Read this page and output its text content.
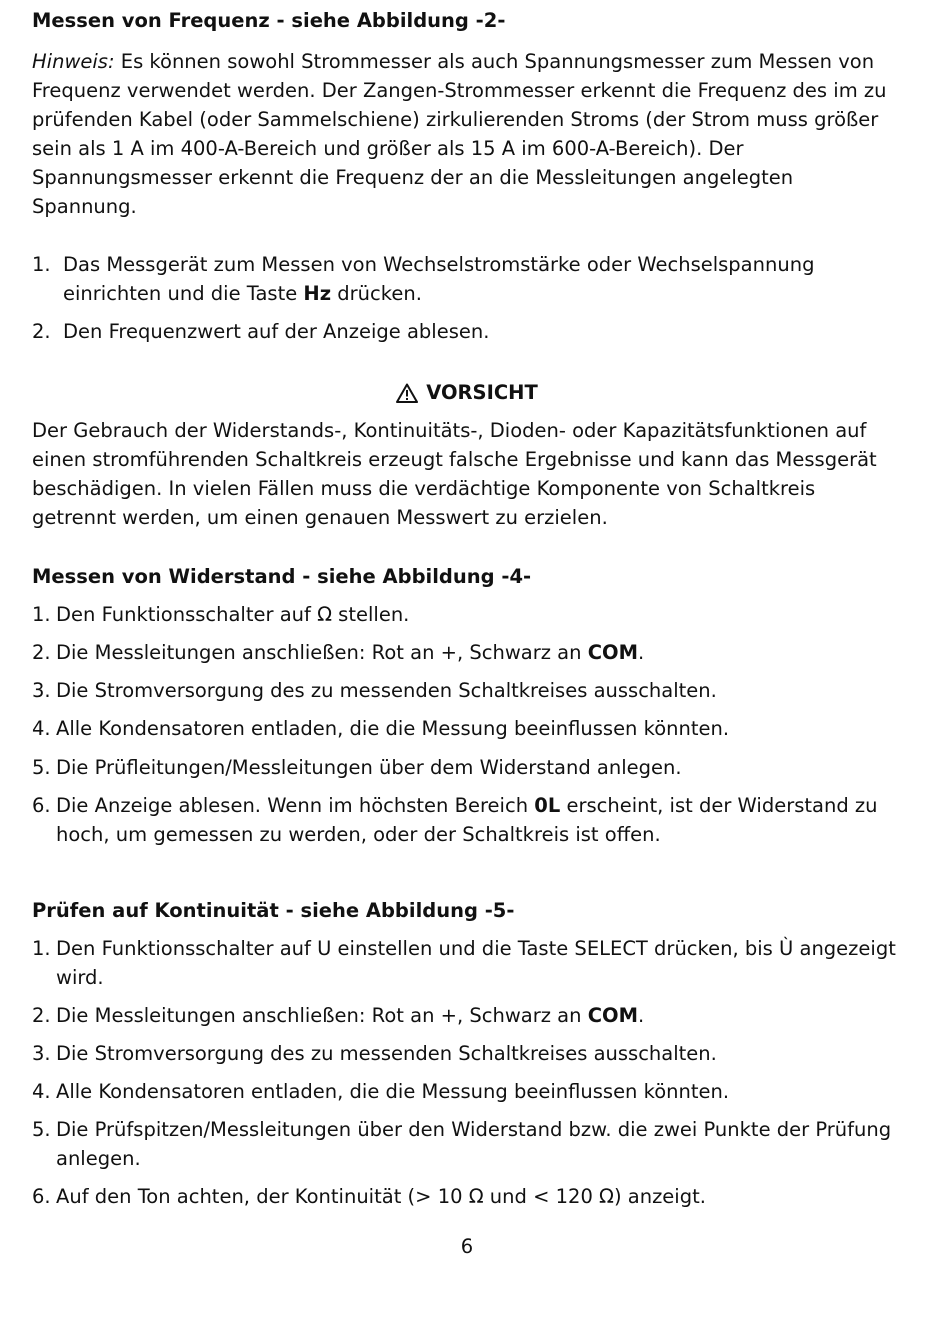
Messen von Frequenz - siehe Abbildung -2-
Hinweis: Es können sowohl Strommesser als auch Spannungsmesser zum Messen von Frequenz verwendet werden. Der Zangen-Strommesser erkennt die Frequenz des im zu prüfenden Kabel (oder Sammelschiene) zirkulierenden Stroms (der Strom muss größer sein als 1 A im 400-A-Bereich und größer als 15 A im 600-A-Bereich). Der Spannungsmesser erkennt die Frequenz der an die Messleitungen angelegten Spannung.
1. Das Messgerät zum Messen von Wechselstromstärke oder Wechselspannung einrichten und die Taste Hz drücken.
2. Den Frequenzwert auf der Anzeige ablesen.
VORSICHT
Der Gebrauch der Widerstands-, Kontinuitäts-, Dioden- oder Kapazitätsfunktionen auf einen stromführenden Schaltkreis erzeugt falsche Ergebnisse und kann das Messgerät beschädigen. In vielen Fällen muss die verdächtige Komponente von Schaltkreis getrennt werden, um einen genauen Messwert zu erzielen.
Messen von Widerstand - siehe Abbildung -4-
1. Den Funktionsschalter auf Ω stellen.
2. Die Messleitungen anschließen: Rot an +, Schwarz an COM.
3. Die Stromversorgung des zu messenden Schaltkreises ausschalten.
4. Alle Kondensatoren entladen, die die Messung beeinflussen könnten.
5. Die Prüfleitungen/Messleitungen über dem Widerstand anlegen.
6. Die Anzeige ablesen. Wenn im höchsten Bereich 0L erscheint, ist der Widerstand zu hoch, um gemessen zu werden, oder der Schaltkreis ist offen.
Prüfen auf Kontinuität - siehe Abbildung -5-
1. Den Funktionsschalter auf U einstellen und die Taste SELECT drücken, bis Ù angezeigt wird.
2. Die Messleitungen anschließen: Rot an +, Schwarz an COM.
3. Die Stromversorgung des zu messenden Schaltkreises ausschalten.
4. Alle Kondensatoren entladen, die die Messung beeinflussen könnten.
5. Die Prüfspitzen/Messleitungen über den Widerstand bzw. die zwei Punkte der Prüfung anlegen.
6. Auf den Ton achten, der Kontinuität (> 10 Ω und < 120 Ω) anzeigt.
6
